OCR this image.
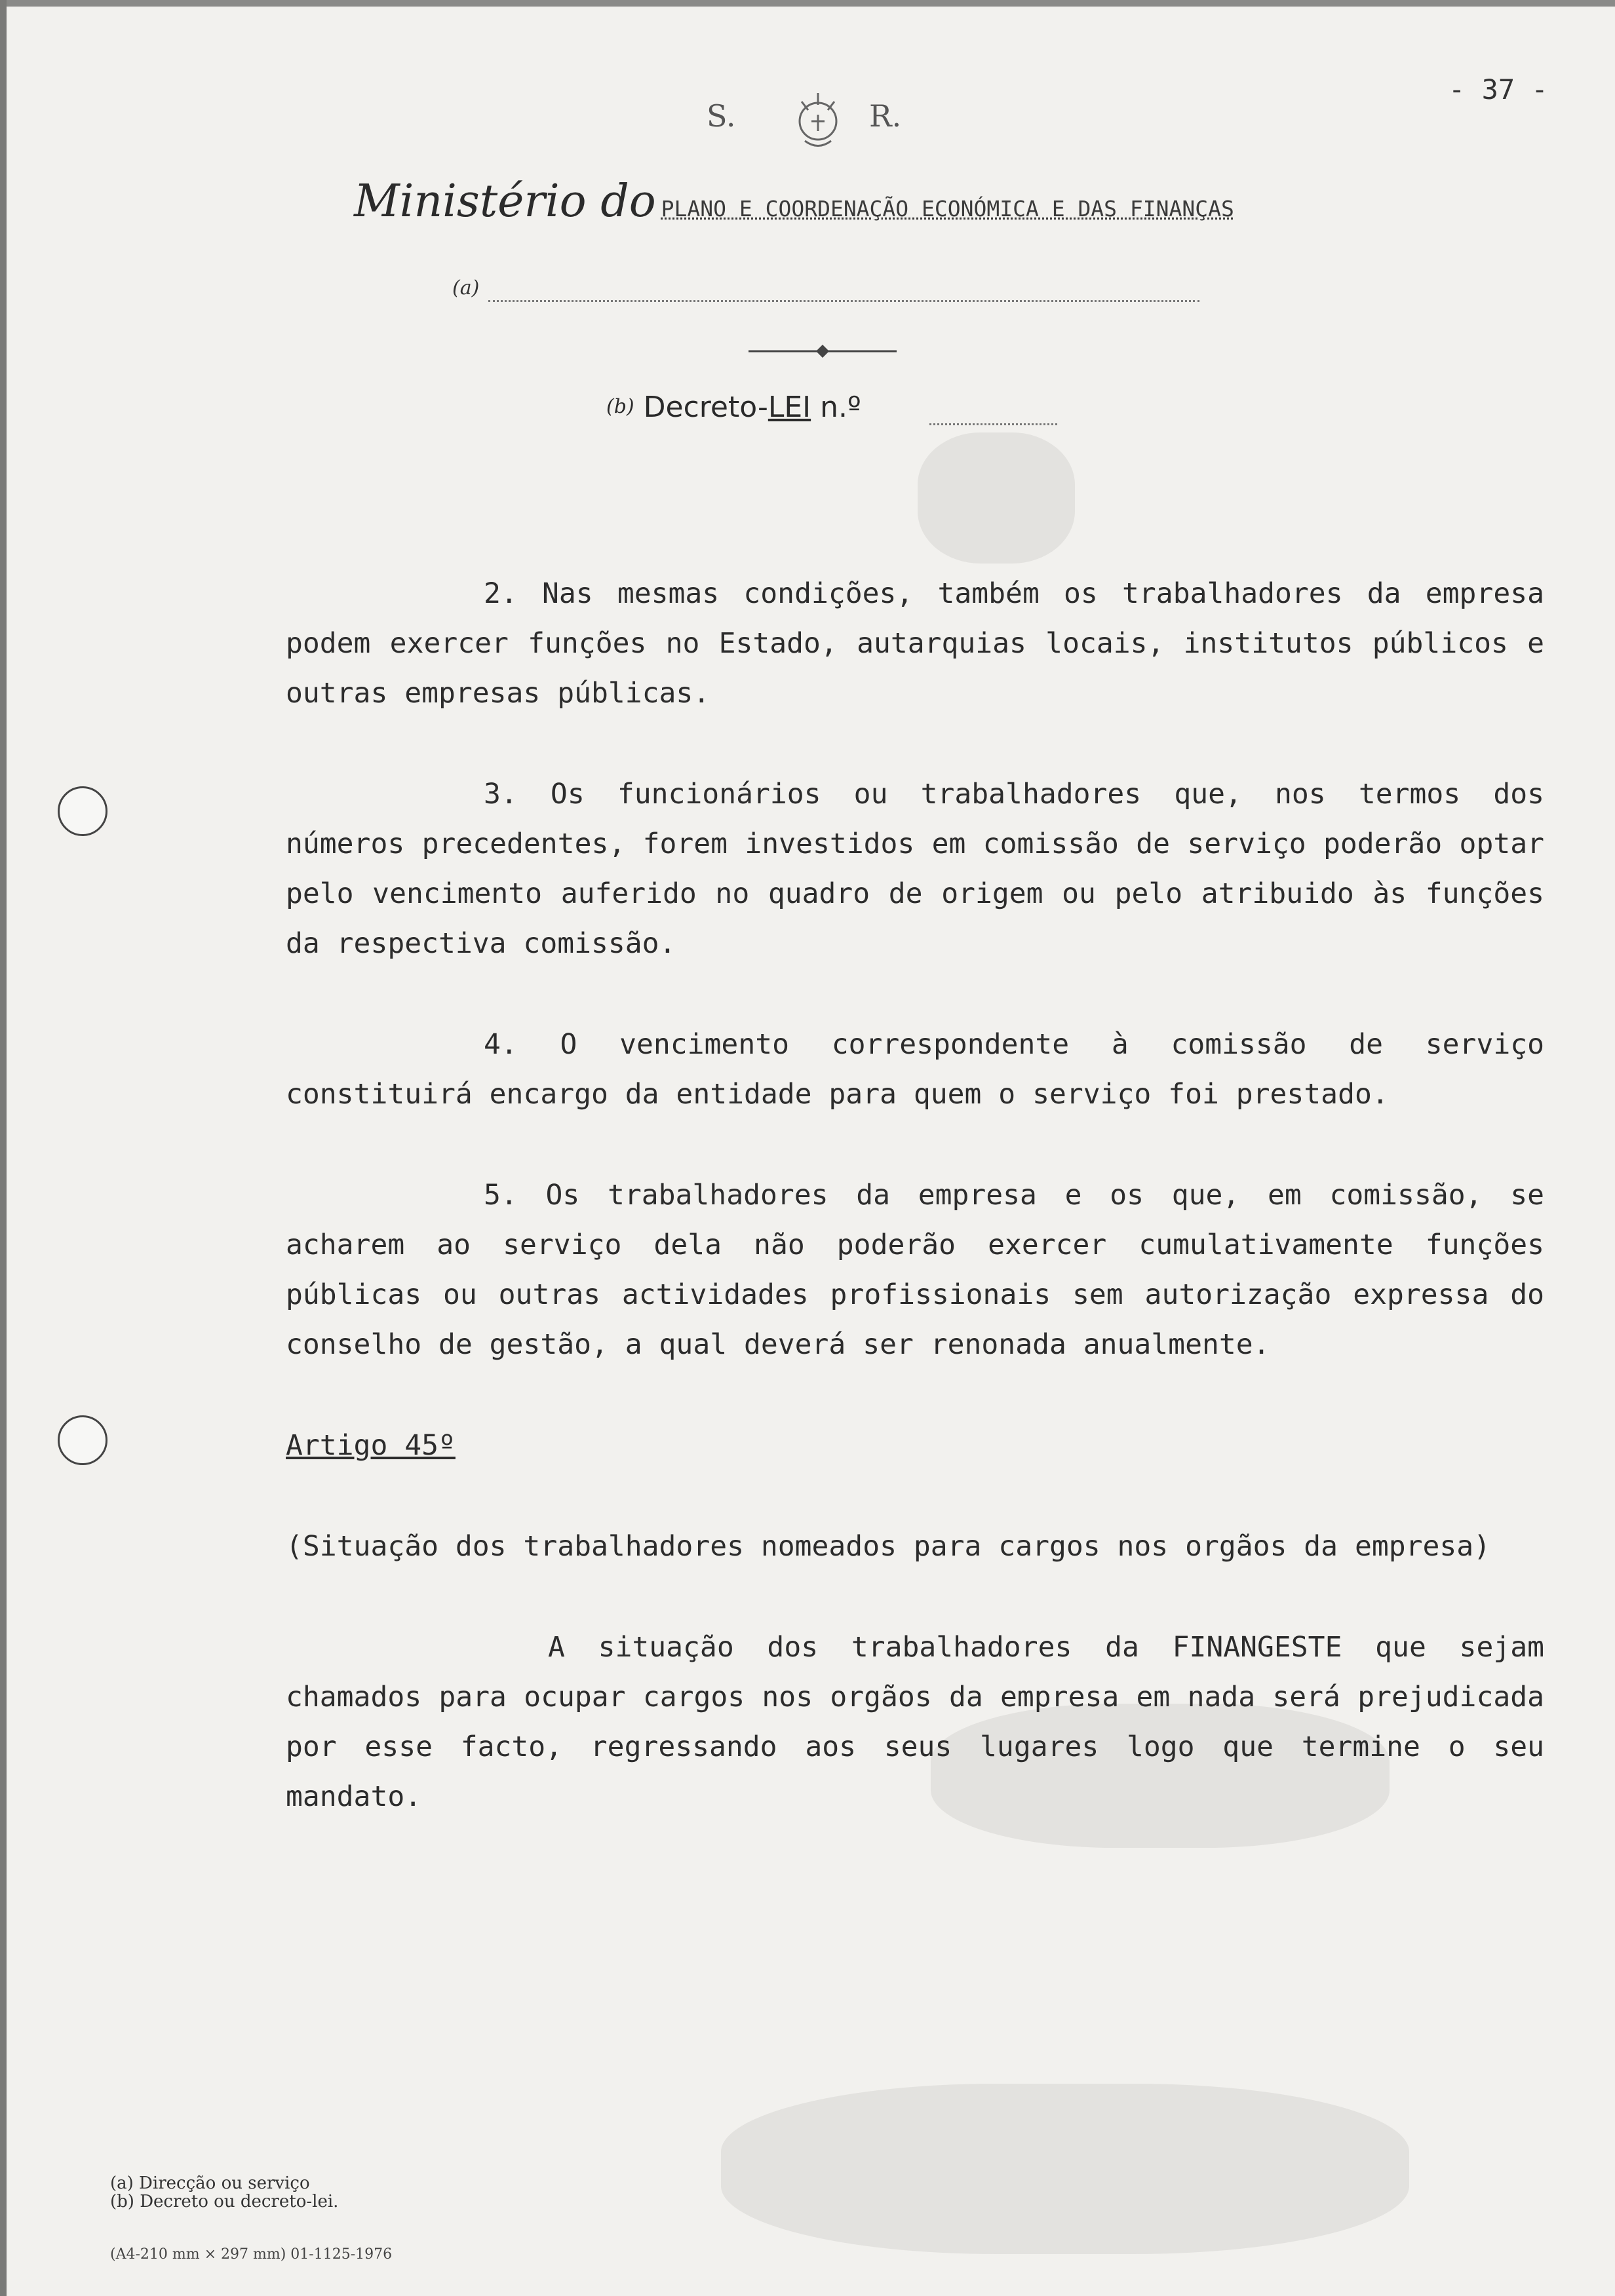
- 37 -
S.	R.
Ministério do PLANO E COORDENAÇÃO ECONÓMICA E DAS FINANÇAS
(a)
(b) Decreto-LEI n.º

2. Nas mesmas condições, também os trabalhadores da empresa podem exercer funções no Estado, autarquias locais, institutos públicos e outras empresas públicas.

3. Os funcionários ou trabalhadores que, nos termos dos números precedentes, forem investidos em comissão de serviço poderão optar pelo vencimento auferido no quadro de origem ou pelo atribuido às funções da respectiva comissão.

4. O vencimento correspondente à comissão de serviço constituirá encargo da entidade para quem o serviço foi prestado.

5. Os trabalhadores da empresa e os que, em comissão, se acharem ao serviço dela não poderão exercer cumulativamente funções públicas ou outras actividades profissionais sem autorização expressa do conselho de gestão, a qual deverá ser renonada anualmente.

Artigo 45º

(Situação dos trabalhadores nomeados para cargos nos orgãos da empresa)

A situação dos trabalhadores da FINANGESTE que sejam chamados para ocupar cargos nos orgãos da empresa em nada será prejudicada por esse facto, regressando aos seus lugares logo que termine o seu mandato.

(a) Direcção ou serviço
(b) Decreto ou decreto-lei.
(A4-210 mm × 297 mm) 01-1125-1976
